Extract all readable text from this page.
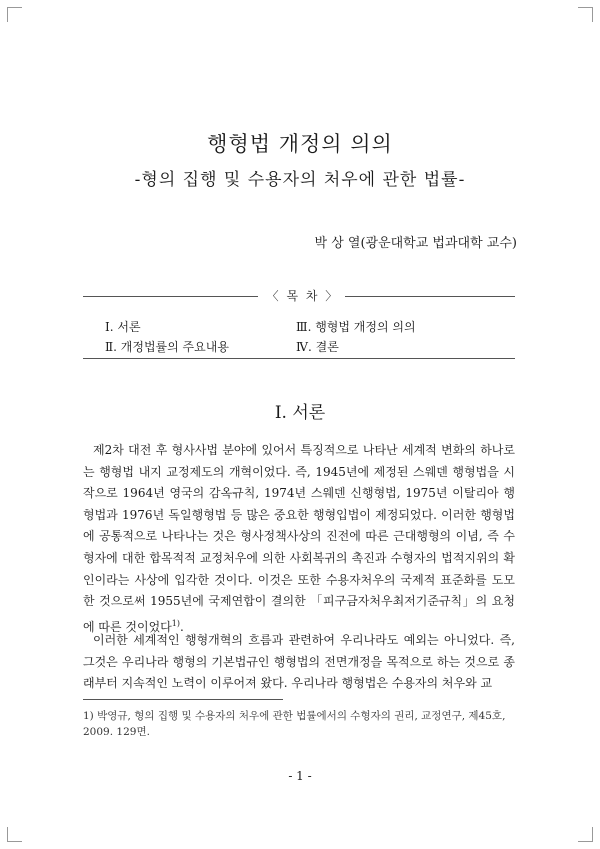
행형법 개정의 의의
-형의 집행 및 수용자의 처우에 관한 법률-
박 상 열(광운대학교 법과대학 교수)
〈 목 차 〉
Ⅰ. 서론
Ⅱ. 개정법률의 주요내용
Ⅲ. 행형법 개정의 의의
Ⅳ. 결론
Ⅰ. 서론
제2차 대전 후 형사사법 분야에 있어서 특징적으로 나타난 세계적 변화의 하나로는 행형법 내지 교정제도의 개혁이었다. 즉, 1945년에 제정된 스웨덴 행형법을 시작으로 1964년 영국의 감옥규칙, 1974년 스웨덴 신행형법, 1975년 이탈리아 행형법과 1976년 독일행형법 등 많은 중요한 행형입법이 제정되었다. 이러한 행형법에 공통적으로 나타나는 것은 형사정책사상의 진전에 따른 근대행형의 이념, 즉 수형자에 대한 합목적적 교정처우에 의한 사회복귀의 촉진과 수형자의 법적지위의 확인이라는 사상에 입각한 것이다. 이것은 또한 수용자처우의 국제적 표준화를 도모한 것으로써 1955년에 국제연합이 결의한 「피구금자처우최저기준규칙」의 요청에 따른 것이었다$^{1)}$.
이러한 세계적인 행형개혁의 흐름과 관련하여 우리나라도 예외는 아니었다. 즉, 그것은 우리나라 행형의 기본법규인 행형법의 전면개정을 목적으로 하는 것으로 종래부터 지속적인 노력이 이루어져 왔다. 우리나라 행형법은 수용자의 처우와 교
1) 박영규, 형의 집행 및 수용자의 처우에 관한 법률에서의 수형자의 권리, 교정연구, 제45호, 2009. 129면.
- 1 -
